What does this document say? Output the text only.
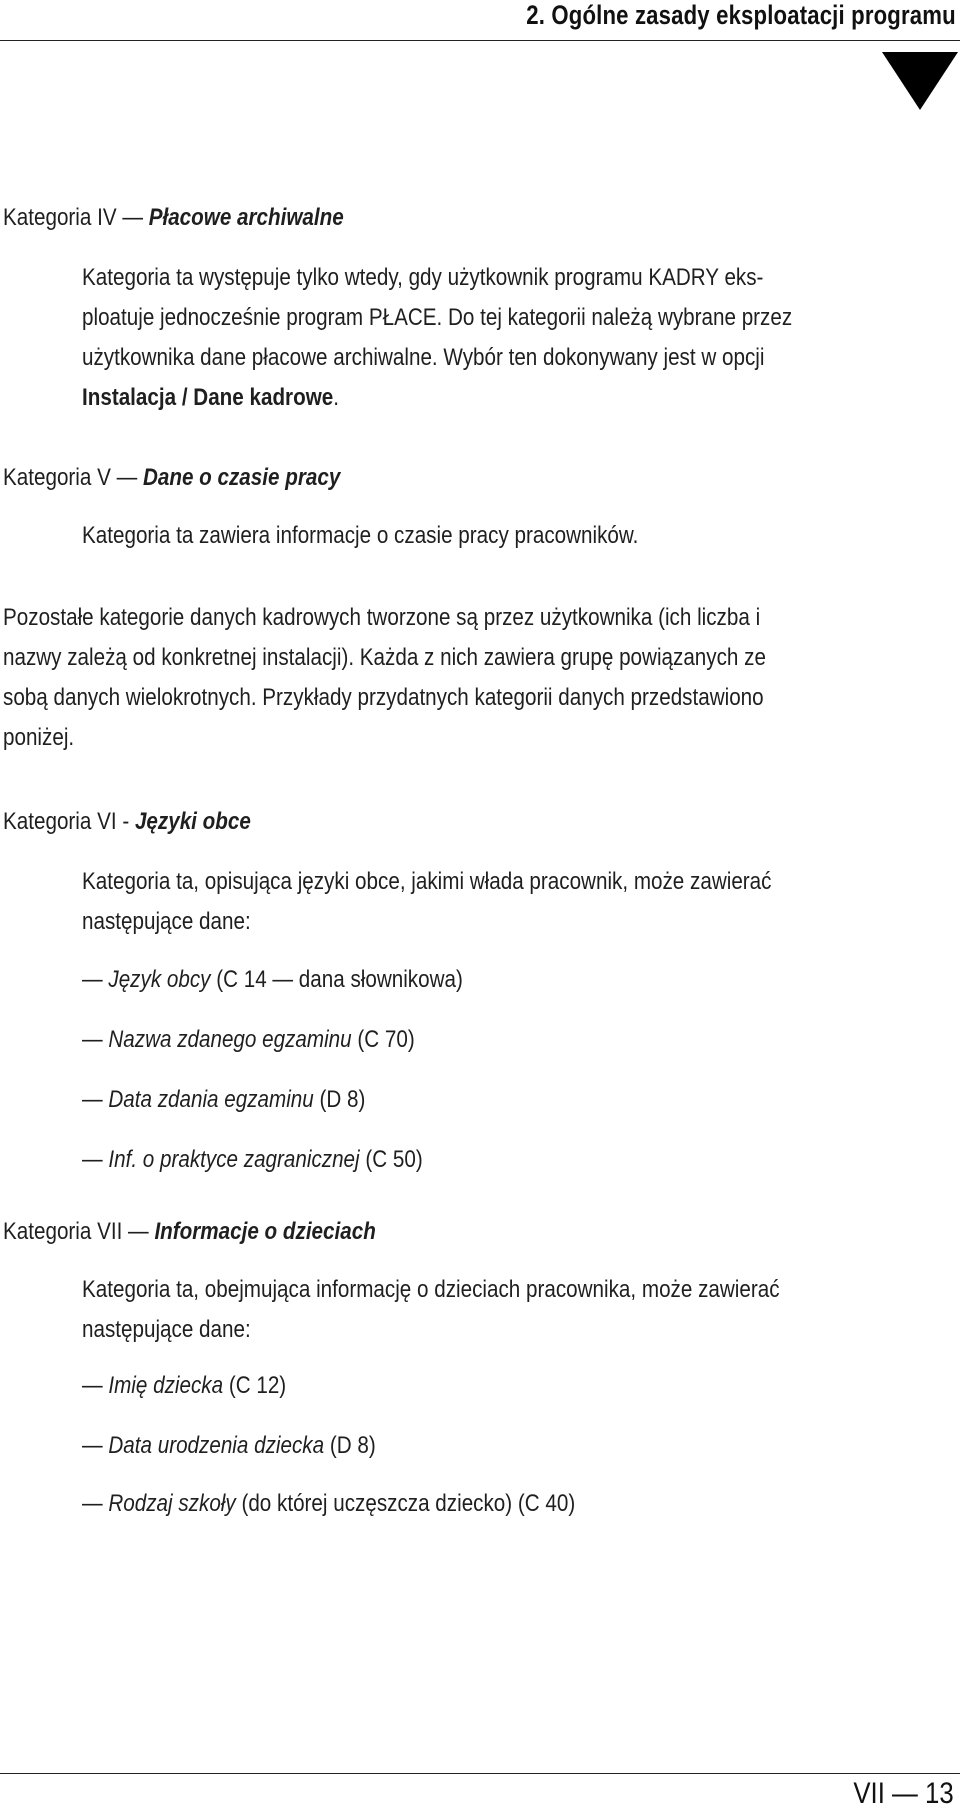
2. Ogólne zasady eksploatacji programu
Kategoria IV — Płacowe archiwalne
Kategoria ta występuje tylko wtedy, gdy użytkownik programu KADRY eks-
ploatuje jednocześnie program PŁACE. Do tej kategorii należą wybrane przez
użytkownika dane płacowe archiwalne. Wybór ten dokonywany jest w opcji
Instalacja / Dane kadrowe.
Kategoria V — Dane o czasie pracy
Kategoria ta zawiera informacje o czasie pracy pracowników.
Pozostałe kategorie danych kadrowych tworzone są przez użytkownika (ich liczba i
nazwy zależą od konkretnej instalacji). Każda z nich zawiera grupę powiązanych ze
sobą danych wielokrotnych. Przykłady przydatnych kategorii danych przedstawiono
poniżej.
Kategoria VI - Języki obce
Kategoria ta, opisująca języki obce, jakimi włada pracownik, może zawierać
następujące dane:
— Język obcy (C 14 — dana słownikowa)
— Nazwa zdanego egzaminu (C 70)
— Data zdania egzaminu (D 8)
— Inf. o praktyce zagranicznej (C 50)
Kategoria VII — Informacje o dzieciach
Kategoria ta, obejmująca informację o dzieciach pracownika, może zawierać
następujące dane:
— Imię dziecka (C 12)
— Data urodzenia dziecka (D 8)
— Rodzaj szkoły (do której uczęszcza dziecko) (C 40)
VII — 13
